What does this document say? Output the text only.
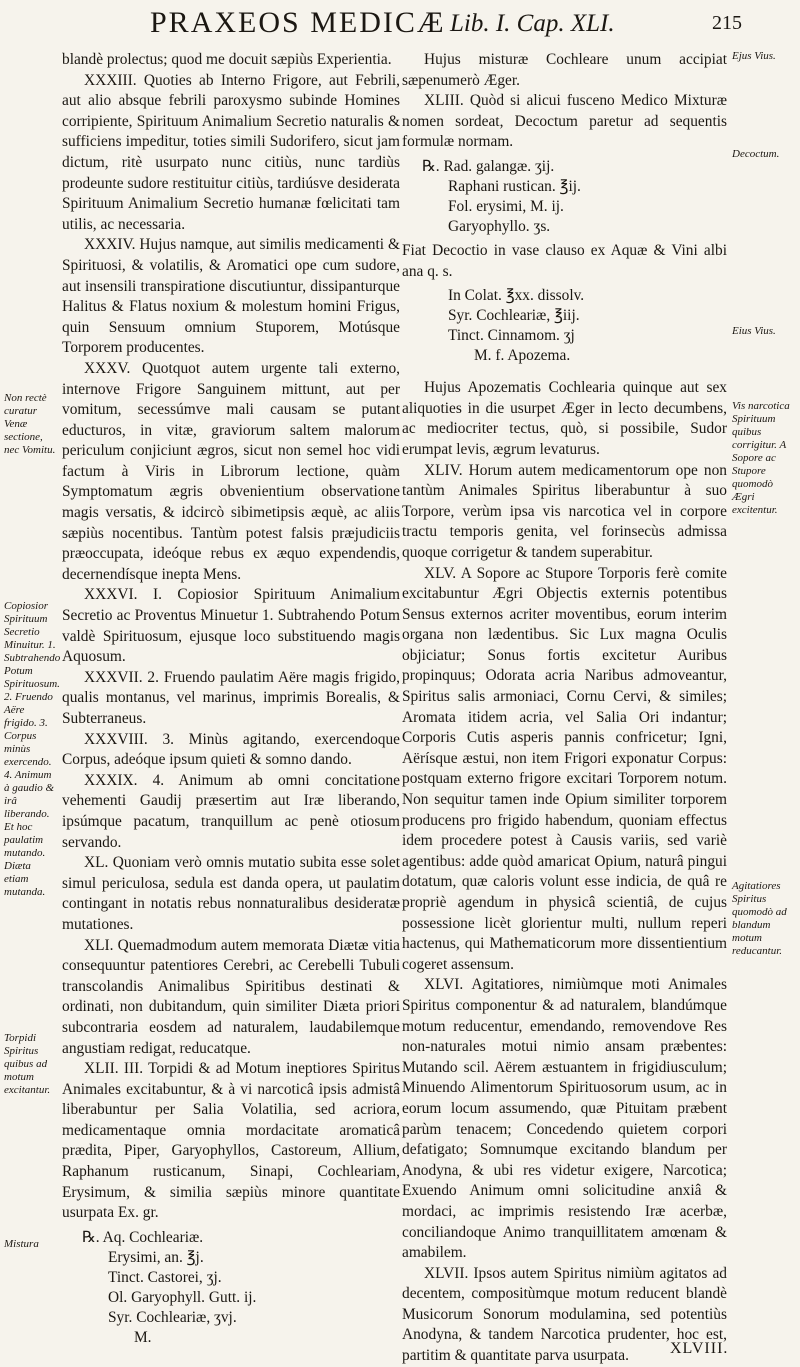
PRAXEOS MEDICÆ Lib. I. Cap. XLI.	215

blandè prolectus; quod me docuit sæpiùs Experientia.

XXXIII. Quoties ab Interno Frigore, aut Febrili, aut alio absque febrili paroxysmo subinde Homines corripiente, Spirituum Animalium Secretio naturalis & sufficiens impeditur, toties simili Sudorifero, sicut jam dictum, ritè usurpato nunc citiùs, nunc tardiùs prodeunte sudore restituitur citiùs, tardiúsve desiderata Spirituum Animalium Secretio humanæ fœlicitati tam utilis, ac necessaria.

XXXIV. Hujus namque, aut similis medicamenti & Spirituosi, & volatilis, & Aromatici ope cum sudore, aut insensili transpiratione discutiuntur, dissipanturque Halitus & Flatus noxium & molestum homini Frigus, quin Sensuum omnium Stuporem, Motúsque Torporem producentes.

XXXV. Quotquot autem urgente tali externo, internove Frigore Sanguinem mittunt, aut per vomitum, secessúmve mali causam se putant educturos, in vitæ, graviorum saltem malorum periculum conjiciunt ægros, sicut non semel hoc vidi factum à Viris in Librorum lectione, quàm Symptomatum ægris obvenientium observatione magis versatis, & idcircò sibimetipsis æquè, ac aliis sæpiùs nocentibus. Tantùm potest falsis præjudiciis præoccupata, ideóque rebus ex æquo expendendis, decernendísque inepta Mens.

XXXVI. I. Copiosior Spirituum Animalium Secretio ac Proventus Minuetur 1. Subtrahendo Potum valdè Spirituosum, ejusque loco substituendo magis Aquosum.

XXXVII. 2. Fruendo paulatim Aëre magis frigido, qualis montanus, vel marinus, imprimis Borealis, & Subterraneus.

XXXVIII. 3. Minùs agitando, exercendoque Corpus, adeóque ipsum quieti & somno dando.

XXXIX. 4. Animum ab omni concitatione vehementi Gaudij præsertim aut Iræ liberando, ipsúmque pacatum, tranquillum ac penè otiosum servando.

XL. Quoniam verò omnis mutatio subita esse solet simul periculosa, sedula est danda opera, ut paulatim contingant in notatis rebus nonnaturalibus desideratæ mutationes.

XLI. Quemadmodum autem memorata Diætæ vitia consequuntur patentiores Cerebri, ac Cerebelli Tubuli transcolandis Animalibus Spiritibus destinati & ordinati, non dubitandum, quin similiter Diæta priori subcontraria eosdem ad naturalem, laudabilemque angustiam redigat, reducatque.

XLII. III. Torpidi & ad Motum ineptiores Spiritus Animales excitabuntur, & à vi narcoticâ ipsis admistâ liberabuntur per Salia Volatilia, sed acriora, medicamentaque omnia mordacitate aromaticâ prædita, Piper, Garyophyllos, Castoreum, Allium, Raphanum rusticanum, Sinapi, Cochleariam, Erysimum, & similia sæpiùs minore quantitate usurpata Ex. gr.

℞. Aq. Cochleariæ.
Erysimi, an. ℥j.
Tinct. Castorei, ʒj.
Ol. Garyophyll. Gutt. ij.
Syr. Cochleariæ, ʒvj.
M.

Hujus misturæ Cochleare unum accipiat sæpenumerò Æger.

XLIII. Quòd si alicui fusceno Medico Mixturæ nomen sordeat, Decoctum paretur ad sequentis formulæ normam.

℞. Rad. galangæ. ʒij.
Raphani rustican. ℥ij.
Fol. erysimi, M. ij.
Garyophyllo. ʒs.

Fiat Decoctio in vase clauso ex Aquæ & Vini albi ana q. s.

In Colat. ℥xx. dissolv.
Syr. Cochleariæ, ℥iij.
Tinct. Cinnamom. ʒj
M. f. Apozema.

Hujus Apozematis Cochlearia quinque aut sex aliquoties in die usurpet Æger in lecto decumbens, ac mediocriter tectus, quò, si possibile, Sudor erumpat levis, ægrum levaturus.

XLIV. Horum autem medicamentorum ope non tantùm Animales Spiritus liberabuntur à suo Torpore, verùm ipsa vis narcotica vel in corpore tractu temporis genita, vel forinsecùs admissa quoque corrigetur & tandem superabitur.

XLV. A Sopore ac Stupore Torporis ferè comite excitabuntur Ægri Objectis externis potentibus Sensus externos acriter moventibus, eorum interim organa non lædentibus. Sic Lux magna Oculis objiciatur; Sonus fortis excitetur Auribus propinquus; Odorata acria Naribus admoveantur, Spiritus salis armoniaci, Cornu Cervi, & similes; Aromata itidem acria, vel Salia Ori indantur; Corporis Cutis asperis pannis confricetur; Igni, Aërísque æstui, non item Frigori exponatur Corpus: postquam externo frigore excitari Torporem notum. Non sequitur tamen inde Opium similiter torporem producens pro frigido habendum, quoniam effectus idem procedere potest à Causis variis, sed variè agentibus: adde quòd amaricat Opium, naturâ pingui dotatum, quæ caloris volunt esse indicia, de quâ re propriè agendum in physicâ scientiâ, de cujus possessione licèt glorientur multi, nullum reperi hactenus, qui Mathematicorum more dissentientium cogeret assensum.

XLVI. Agitatiores, nimiùmque moti Animales Spiritus componentur & ad naturalem, blandúmque motum reducentur, emendando, removendove Res non-naturales motui nimio ansam præbentes: Mutando scil. Aërem æstuantem in frigidiusculum; Minuendo Alimentorum Spirituosorum usum, ac in eorum locum assumendo, quæ Pituitam præbent parùm tenacem; Concedendo quietem corpori defatigato; Somnumque excitando blandum per Anodyna, & ubi res videtur exigere, Narcotica; Exuendo Animum omni solicitudine anxiâ & mordaci, ac imprimis resistendo Iræ acerbæ, conciliandoque Animo tranquillitatem amœnam & amabilem.

XLVII. Ipsos autem Spiritus nimiùm agitatos ad decentem, compositùmque motum reducent blandè Musicorum Sonorum modulamina, sed potentiùs Anodyna, & tandem Narcotica prudenter, hoc est, partitim & quantitate parva usurpata.

Non rectè curatur Venæ sectione, nec Vomitu.
Copiosior Spirituum Secretio Minuitur. 1. Subtrahendo Potum Spirituosum. 2. Fruendo Aëre frigido. 3. Corpus minùs exercendo. 4. Animum à gaudio & irâ liberando. Et hoc paulatim mutando. Diæta etiam mutanda.
Torpidi Spiritus quibus ad motum excitantur.
Mistura
Ejus Vius.
Decoctum.
Eius Vius.
Vis narcotica Spirituum quibus corrigitur. A Sopore ac Stupore quomodò Ægri excitentur.
Agitatiores Spiritus quomodò ad blandum motum reducantur.
XLVIII.
